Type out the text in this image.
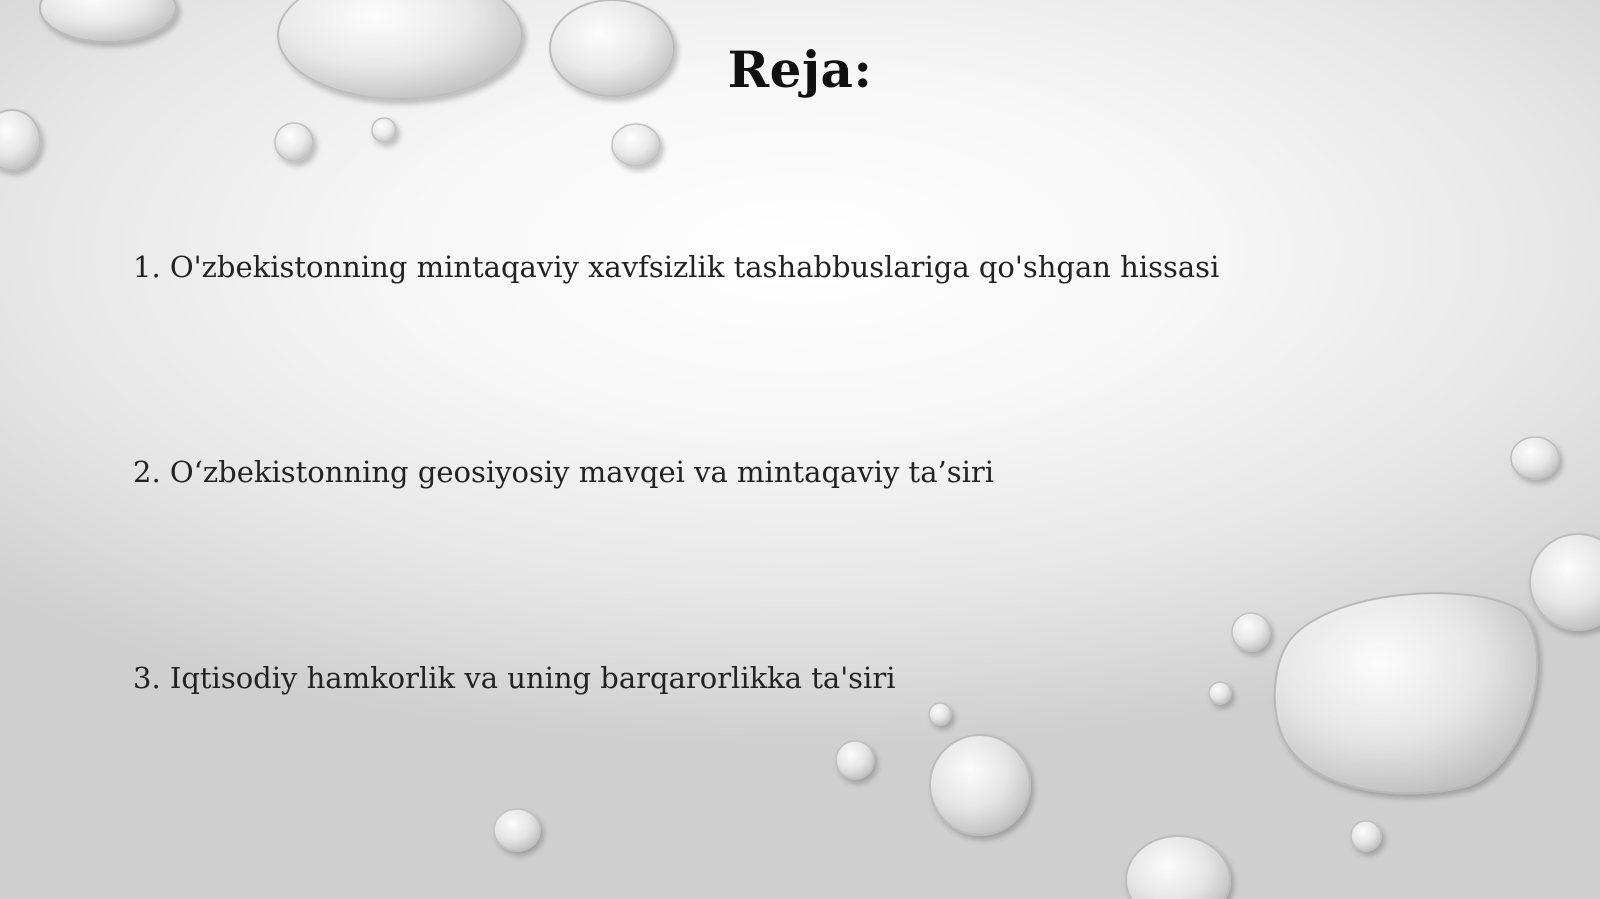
Reja:
1. O'zbekistonning mintaqaviy xavfsizlik tashabbuslariga qo'shgan hissasi
2. O‘zbekistonning geosiyosiy mavqei va mintaqaviy ta’siri
3. Iqtisodiy hamkorlik va uning barqarorlikka ta'siri
